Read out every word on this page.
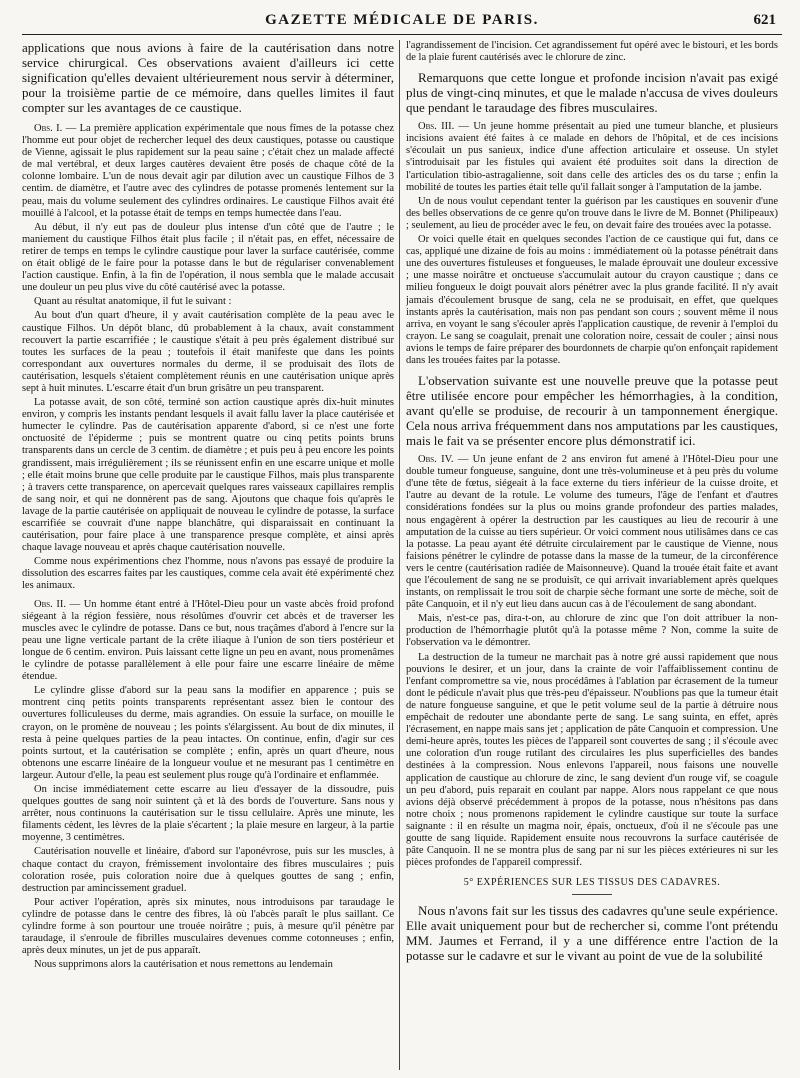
GAZETTE MÉDICALE DE PARIS.	621

applications que nous avions à faire de la cautérisation dans notre service chirurgical. Ces observations avaient d'ailleurs ici cette signification qu'elles devaient ultérieurement nous servir à déterminer, pour la troisième partie de ce mémoire, dans quelles limites il faut compter sur les avantages de ce caustique.

Obs. I. — La première application expérimentale que nous fîmes de la potasse chez l'homme eut pour objet de rechercher lequel des deux caustiques, potasse ou caustique de Vienne, agissait le plus rapidement sur la peau saine ; c'était chez un malade affecté de mal vertébral, et deux larges cautères devaient être posés de chaque côté de la colonne lombaire. L'un de nous devait agir par dilution avec un caustique Filhos de 3 centim. de diamètre, et l'autre avec des cylindres de potasse promenés lentement sur la peau, mais du volume seulement des cylindres ordinaires. Le caustique Filhos avait été mouillé à l'alcool, et la potasse était de temps en temps humectée dans l'eau.

Au début, il n'y eut pas de douleur plus intense d'un côté que de l'autre ; le maniement du caustique Filhos était plus facile ; il n'était pas, en effet, nécessaire de retirer de temps en temps le cylindre caustique pour laver la surface cautérisée, comme on était obligé de le faire pour la potasse dans le but de régulariser convenablement l'action caustique. Enfin, à la fin de l'opération, il nous sembla que le malade accusait une douleur un peu plus vive du côté cautérisé avec la potasse.

Quant au résultat anatomique, il fut le suivant :

Au bout d'un quart d'heure, il y avait cautérisation complète de la peau avec le caustique Filhos. Un dépôt blanc, dû probablement à la chaux, avait constamment recouvert la partie escarrifiée ; le caustique s'était à peu près également distribué sur toutes les surfaces de la peau ; toutefois il était manifeste que dans les points correspondant aux ouvertures normales du derme, il se produisait des îlots de cautérisation, lesquels s'étaient complètement réunis en une cautérisation unique après sept à huit minutes. L'escarre était d'un brun grisâtre un peu transparent.

La potasse avait, de son côté, terminé son action caustique après dix-huit minutes environ, y compris les instants pendant lesquels il avait fallu laver la place cautérisée et humecter le cylindre. Pas de cautérisation apparente d'abord, si ce n'est une forte onctuosité de l'épiderme ; puis se montrent quatre ou cinq petits points bruns transparents dans un cercle de 3 centim. de diamètre ; et puis peu à peu encore les points grandissent, mais irrégulièrement ; ils se réunissent enfin en une escarre unique et molle ; elle était moins brune que celle produite par le caustique Filhos, mais plus transparente ; à travers cette transparence, on apercevait quelques rares vaisseaux capillaires remplis de sang noir, et qui ne donnèrent pas de sang. Ajoutons que chaque fois qu'après le lavage de la partie cautérisée on appliquait de nouveau le cylindre de potasse, la surface escarrifiée se couvrait d'une nappe blanchâtre, qui disparaissait en continuant la cautérisation, pour faire place à une transparence presque complète, et ainsi après chaque lavage nouveau et après chaque cautérisation nouvelle.

Comme nous expérimentions chez l'homme, nous n'avons pas essayé de produire la dissolution des escarres faites par les caustiques, comme cela avait été expérimenté chez les animaux.

Obs. II. — Un homme étant entré à l'Hôtel-Dieu pour un vaste abcès froid profond siégeant à la région fessière, nous résolûmes d'ouvrir cet abcès et de traverser les muscles avec le cylindre de potasse. Dans ce but, nous traçâmes d'abord à l'encre sur la peau une ligne verticale partant de la crête iliaque à l'union de son tiers postérieur et longue de 6 centim. environ. Puis laissant cette ligne un peu en avant, nous promenâmes le cylindre de potasse parallèlement à elle pour faire une escarre linéaire de même étendue.

Le cylindre glisse d'abord sur la peau sans la modifier en apparence ; puis se montrent cinq petits points transparents représentant assez bien le contour des ouvertures folliculeuses du derme, mais agrandies. On essuie la surface, on mouille le crayon, on le promène de nouveau ; les points s'élargissent. Au bout de dix minutes, il resta à peine quelques parties de la peau intactes. On continue, enfin, d'agir sur ces points surtout, et la cautérisation se complète ; enfin, après un quart d'heure, nous obtenons une escarre linéaire de la longueur voulue et ne mesurant pas 1 centimètre en largeur. Autour d'elle, la peau est seulement plus rouge qu'à l'ordinaire et enflammée.

On incise immédiatement cette escarre au lieu d'essayer de la dissoudre, puis quelques gouttes de sang noir suintent çà et là des bords de l'ouverture. Sans nous y arrêter, nous continuons la cautérisation sur le tissu cellulaire. Après une minute, les filaments cèdent, les lèvres de la plaie s'écartent ; la plaie mesure en largeur, à la partie moyenne, 3 centimètres.

Cautérisation nouvelle et linéaire, d'abord sur l'aponévrose, puis sur les muscles, à chaque contact du crayon, frémissement involontaire des fibres musculaires ; puis coloration rosée, puis coloration noire due à quelques gouttes de sang ; enfin, destruction par amincissement graduel.

Pour activer l'opération, après six minutes, nous introduisons par taraudage le cylindre de potasse dans le centre des fibres, là où l'abcès paraît le plus saillant. Ce cylindre forme à son pourtour une trouée noirâtre ; puis, à mesure qu'il pénètre par taraudage, il s'enroule de fibrilles musculaires devenues comme cotonneuses ; enfin, après deux minutes, un jet de pus apparaît.

Nous supprimons alors la cautérisation et nous remettons au lendemain

l'agrandissement de l'incision. Cet agrandissement fut opéré avec le bistouri, et les bords de la plaie furent cautérisés avec le chlorure de zinc.

Remarquons que cette longue et profonde incision n'avait pas exigé plus de vingt-cinq minutes, et que le malade n'accusa de vives douleurs que pendant le taraudage des fibres musculaires.

Obs. III. — Un jeune homme présentait au pied une tumeur blanche, et plusieurs incisions avaient été faites à ce malade en dehors de l'hôpital, et de ces incisions s'écoulait un pus sanieux, indice d'une affection articulaire et osseuse. Un stylet s'introduisait par les fistules qui avaient été produites soit dans la direction de l'articulation tibio-astragalienne, soit dans celle des articles des os du tarse ; enfin la mobilité de toutes les parties était telle qu'il fallait songer à l'amputation de la jambe.

Un de nous voulut cependant tenter la guérison par les caustiques en souvenir d'une des belles observations de ce genre qu'on trouve dans le livre de M. Bonnet (Philipeaux) ; seulement, au lieu de procéder avec le feu, on devait faire des trouées avec la potasse.

Or voici quelle était en quelques secondes l'action de ce caustique qui fut, dans ce cas, appliqué une dizaine de fois au moins : immédiatement où la potasse pénétrait dans une des ouvertures fistuleuses et fongueuses, le malade éprouvait une douleur excessive ; une masse noirâtre et onctueuse s'accumulait autour du crayon caustique ; dans ce milieu fongueux le doigt pouvait alors pénétrer avec la plus grande facilité. Il n'y avait jamais d'écoulement brusque de sang, cela ne se produisait, en effet, que quelques instants après la cautérisation, mais non pas pendant son cours ; souvent même il nous arriva, en voyant le sang s'écouler après l'application caustique, de revenir à l'emploi du crayon. Le sang se coagulait, prenait une coloration noire, cessait de couler ; ainsi nous avions le temps de faire préparer des bourdonnets de charpie qu'on enfonçait rapidement dans les trouées faites par la potasse.

L'observation suivante est une nouvelle preuve que la potasse peut être utilisée encore pour empêcher les hémorrhagies, à la condition, avant qu'elle se produise, de recourir à un tamponnement énergique. Cela nous arriva fréquemment dans nos amputations par les caustiques, mais le fait va se présenter encore plus démonstratif ici.

Obs. IV. — Un jeune enfant de 2 ans environ fut amené à l'Hôtel-Dieu pour une double tumeur fongueuse, sanguine, dont une très-volumineuse et à peu près du volume d'une tête de fœtus, siégeait à la face externe du tiers inférieur de la cuisse droite, et l'autre au devant de la rotule. Le volume des tumeurs, l'âge de l'enfant et d'autres considérations fondées sur la plus ou moins grande profondeur des parties malades, nous engagèrent à opérer la destruction par les caustiques au lieu de recourir à une amputation de la cuisse au tiers supérieur. Or voici comment nous utilisâmes dans ce cas la potasse. La peau ayant été détruite circulairement par le caustique de Vienne, nous faisions pénétrer le cylindre de potasse dans la masse de la tumeur, de la circonférence vers le centre (cautérisation radiée de Maisonneuve). Quand la trouée était faite et avant que l'écoulement de sang ne se produisît, ce qui arrivait invariablement après quelques instants, on remplissait le trou soit de charpie sèche formant une sorte de mèche, soit de pâte Canquoin, et il n'y eut lieu dans aucun cas à de l'écoulement de sang abondant.

Mais, n'est-ce pas, dira-t-on, au chlorure de zinc que l'on doit attribuer la non-production de l'hémorrhagie plutôt qu'à la potasse même ? Non, comme la suite de l'observation va le démontrer.

La destruction de la tumeur ne marchait pas à notre gré aussi rapidement que nous pouvions le desirer, et un jour, dans la crainte de voir l'affaiblissement continu de l'enfant compromettre sa vie, nous procédâmes à l'ablation par écrasement de la tumeur dont le pédicule n'avait plus que très-peu d'épaisseur. N'oublions pas que la tumeur était de nature fongueuse sanguine, et que le petit volume seul de la partie à détruire nous empêchait de redouter une abondante perte de sang. Le sang suinta, en effet, après l'écrasement, en nappe mais sans jet ; application de pâte Canquoin et compression. Une demi-heure après, toutes les pièces de l'appareil sont couvertes de sang ; il s'écoule avec une coloration d'un rouge rutilant des circulaires les plus superficielles des bandes destinées à la compression. Nous enlevons l'appareil, nous faisons une nouvelle application de caustique au chlorure de zinc, le sang devient d'un rouge vif, se coagule un peu d'abord, puis reparait en coulant par nappe. Alors nous rappelant ce que nous avions déjà observé précédemment à propos de la potasse, nous n'hésitons pas dans notre choix ; nous promenons rapidement le cylindre caustique sur toute la surface saignante : il en résulte un magma noir, épais, onctueux, d'où il ne s'écoule pas une goutte de sang liquide. Rapidement ensuite nous recouvrons la surface cautérisée de pâte Canquoin. Il ne se montra plus de sang par ni sur les pièces extérieures ni sur les pièces profondes de l'appareil compressif.

5° EXPÉRIENCES SUR LES TISSUS DES CADAVRES.

Nous n'avons fait sur les tissus des cadavres qu'une seule expérience. Elle avait uniquement pour but de rechercher si, comme l'ont prétendu MM. Jaumes et Ferrand, il y a une différence entre l'action de la potasse sur le cadavre et sur le vivant au point de vue de la solubilité
